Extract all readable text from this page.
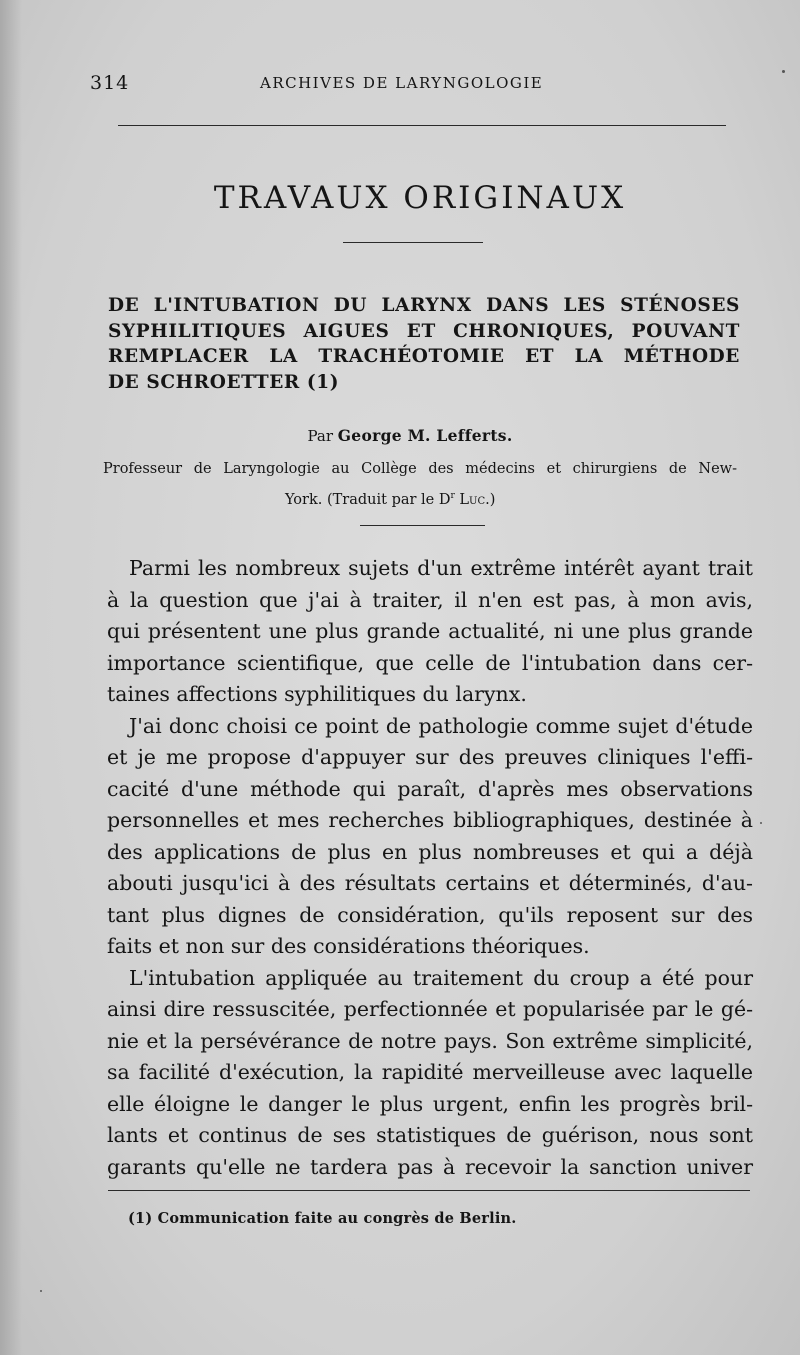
314	ARCHIVES DE LARYNGOLOGIE
TRAVAUX ORIGINAUX
DE L'INTUBATION DU LARYNX DANS LES STÉNOSES
SYPHILITIQUES AIGUES ET CHRONIQUES, POUVANT
REMPLACER LA TRACHÉOTOMIE ET LA MÉTHODE
DE SCHROETTER (1)
Par George M. Lefferts.
Professeur de Laryngologie au Collège des médecins et chirurgiens de New-
York. (Traduit par le $D^r$ Luc.)
Parmi les nombreux sujets d'un extrême intérêt ayant trait
à la question que j'ai à traiter, il n'en est pas, à mon avis,
qui présentent une plus grande actualité, ni une plus grande
importance scientifique, que celle de l'intubation dans cer-
taines affections syphilitiques du larynx.
J'ai donc choisi ce point de pathologie comme sujet d'étude
et je me propose d'appuyer sur des preuves cliniques l'effi-
cacité d'une méthode qui paraît, d'après mes observations
personnelles et mes recherches bibliographiques, destinée à
des applications de plus en plus nombreuses et qui a déjà
abouti jusqu'ici à des résultats certains et déterminés, d'au-
tant plus dignes de considération, qu'ils reposent sur des
faits et non sur des considérations théoriques.
L'intubation appliquée au traitement du croup a été pour
ainsi dire ressuscitée, perfectionnée et popularisée par le gé-
nie et la persévérance de notre pays. Son extrême simplicité,
sa facilité d'exécution, la rapidité merveilleuse avec laquelle
elle éloigne le danger le plus urgent, enfin les progrès bril-
lants et continus de ses statistiques de guérison, nous sont
garants qu'elle ne tardera pas à recevoir la sanction univer
(1) Communication faite au congrès de Berlin.
